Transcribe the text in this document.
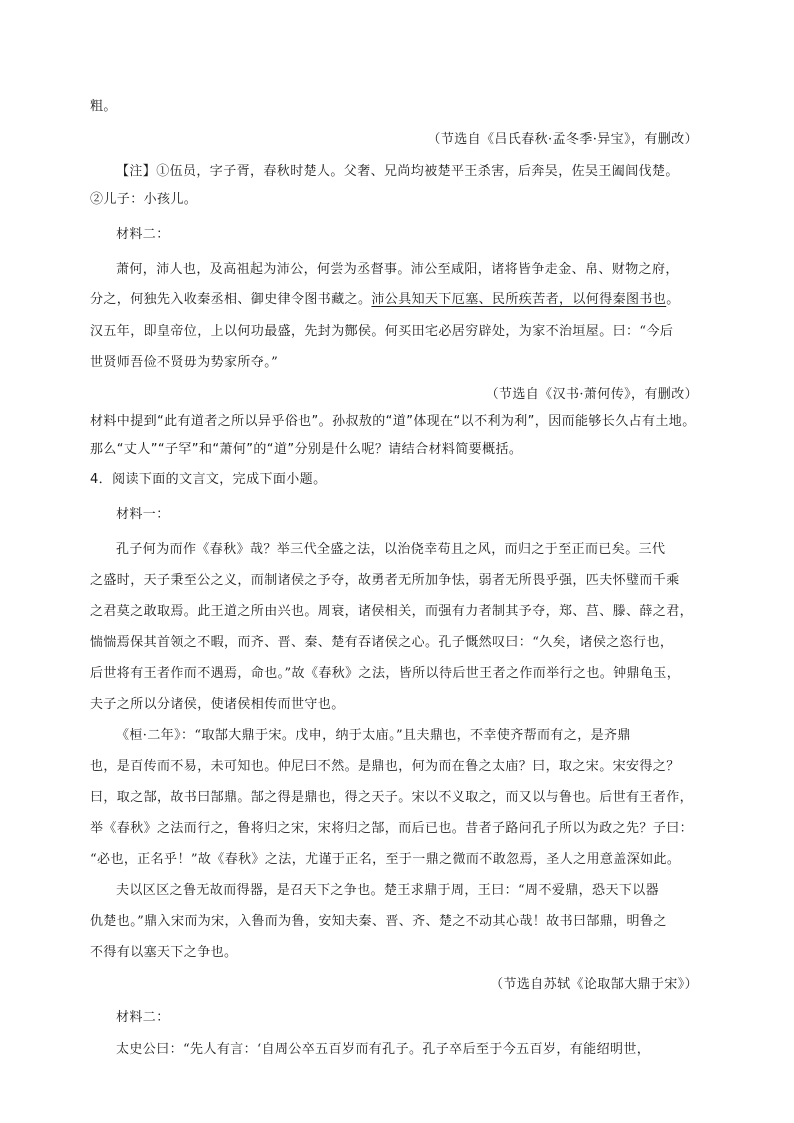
粗。
（节选自《吕氏春秋·孟冬季·异宝》，有删改）
【注】①伍员，字子胥，春秋时楚人。父奢、兄尚均被楚平王杀害，后奔吴，佐吴王阖闾伐楚。
②儿子：小孩儿。
材料二：
萧何，沛人也，及高祖起为沛公，何尝为丞督事。沛公至咸阳，诸将皆争走金、帛、财物之府，
分之，何独先入收秦丞相、御史律令图书藏之。沛公具知天下厄塞、民所疾苦者，以何得秦图书也。
汉五年，即皇帝位，上以何功最盛，先封为酂侯。何买田宅必居穷辟处，为家不治垣屋。曰：“今后
世贤师吾俭不贤毋为势家所夺。”
（节选自《汉书·萧何传》，有删改）
材料中提到“此有道者之所以异乎俗也”。孙叔敖的“道”体现在“以不利为利”，因而能够长久占有土地。
那么“丈人”“子罕”和“萧何”的“道”分别是什么呢？请结合材料简要概括。
4．阅读下面的文言文，完成下面小题。
材料一：
孔子何为而作《春秋》哉？举三代全盛之法，以治侥幸苟且之风，而归之于至正而已矣。三代
之盛时，天子秉至公之义，而制诸侯之予夺，故勇者无所加争怯，弱者无所畏乎强，匹夫怀璧而千乘
之君莫之敢取焉。此王道之所由兴也。周衰，诸侯相关，而强有力者制其予夺，郑、莒、滕、薛之君，
惴惴焉保其首领之不暇，而齐、晋、秦、楚有吞诸侯之心。孔子慨然叹曰：“久矣，诸侯之恣行也，
后世将有王者作而不遇焉，命也。”故《春秋》之法，皆所以待后世王者之作而举行之也。钟鼎龟玉，
夫子之所以分诸侯，使诸侯相传而世守也。
《桓·二年》：“取郜大鼎于宋。戊申，纳于太庙。”且夫鼎也，不幸使齐帮而有之，是齐鼎
也，是百传而不易，未可知也。仲尼曰不然。是鼎也，何为而在鲁之太庙？曰，取之宋。宋安得之？
曰，取之郜，故书曰郜鼎。郜之得是鼎也，得之天子。宋以不义取之，而又以与鲁也。后世有王者作，
举《春秋》之法而行之，鲁将归之宋，宋将归之郜，而后已也。昔者子路问孔子所以为政之先？子曰：
“必也，正名乎！”故《春秋》之法，尤谨于正名，至于一鼎之微而不敢忽焉，圣人之用意盖深如此。
夫以区区之鲁无故而得器，是召天下之争也。楚王求鼎于周，王曰：“周不爱鼎，恐天下以器
仇楚也。”鼎入宋而为宋，入鲁而为鲁，安知夫秦、晋、齐、楚之不动其心哉！故书曰郜鼎，明鲁之
不得有以塞天下之争也。
（节选自苏轼《论取郜大鼎于宋》）
材料二：
太史公曰：“先人有言：‘自周公卒五百岁而有孔子。孔子卒后至于今五百岁，有能绍明世，
